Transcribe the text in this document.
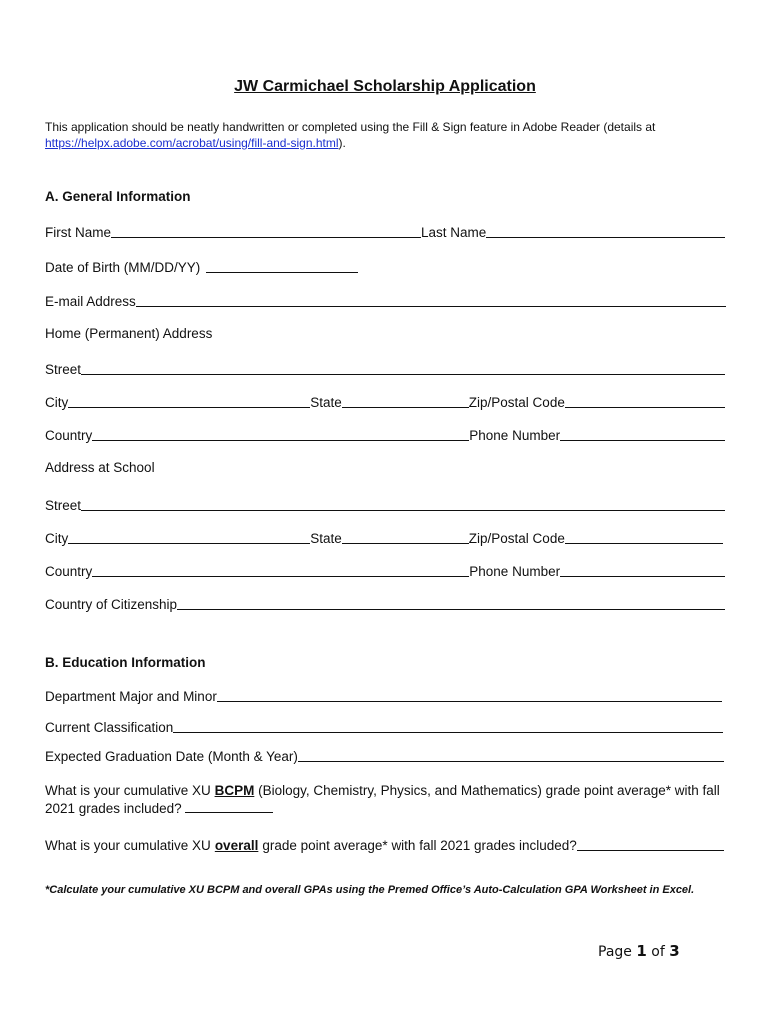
JW Carmichael Scholarship Application
This application should be neatly handwritten or completed using the Fill & Sign feature in Adobe Reader (details at
https://helpx.adobe.com/acrobat/using/fill-and-sign.html).
A. General Information
First Name	Last Name
Date of Birth (MM/DD/YY)
E-mail Address
Home (Permanent) Address
Street
City	State	Zip/Postal Code
Country	Phone Number
Address at School
Street
City	State	Zip/Postal Code
Country	Phone Number
Country of Citizenship
B. Education Information
Department Major and Minor
Current Classification
Expected Graduation Date (Month & Year)
What is your cumulative XU BCPM (Biology, Chemistry, Physics, and Mathematics) grade point average* with fall 2021 grades included?
What is your cumulative XU overall grade point average* with fall 2021 grades included?
*Calculate your cumulative XU BCPM and overall GPAs using the Premed Office’s Auto-Calculation GPA Worksheet in Excel.
Page 1 of 3
